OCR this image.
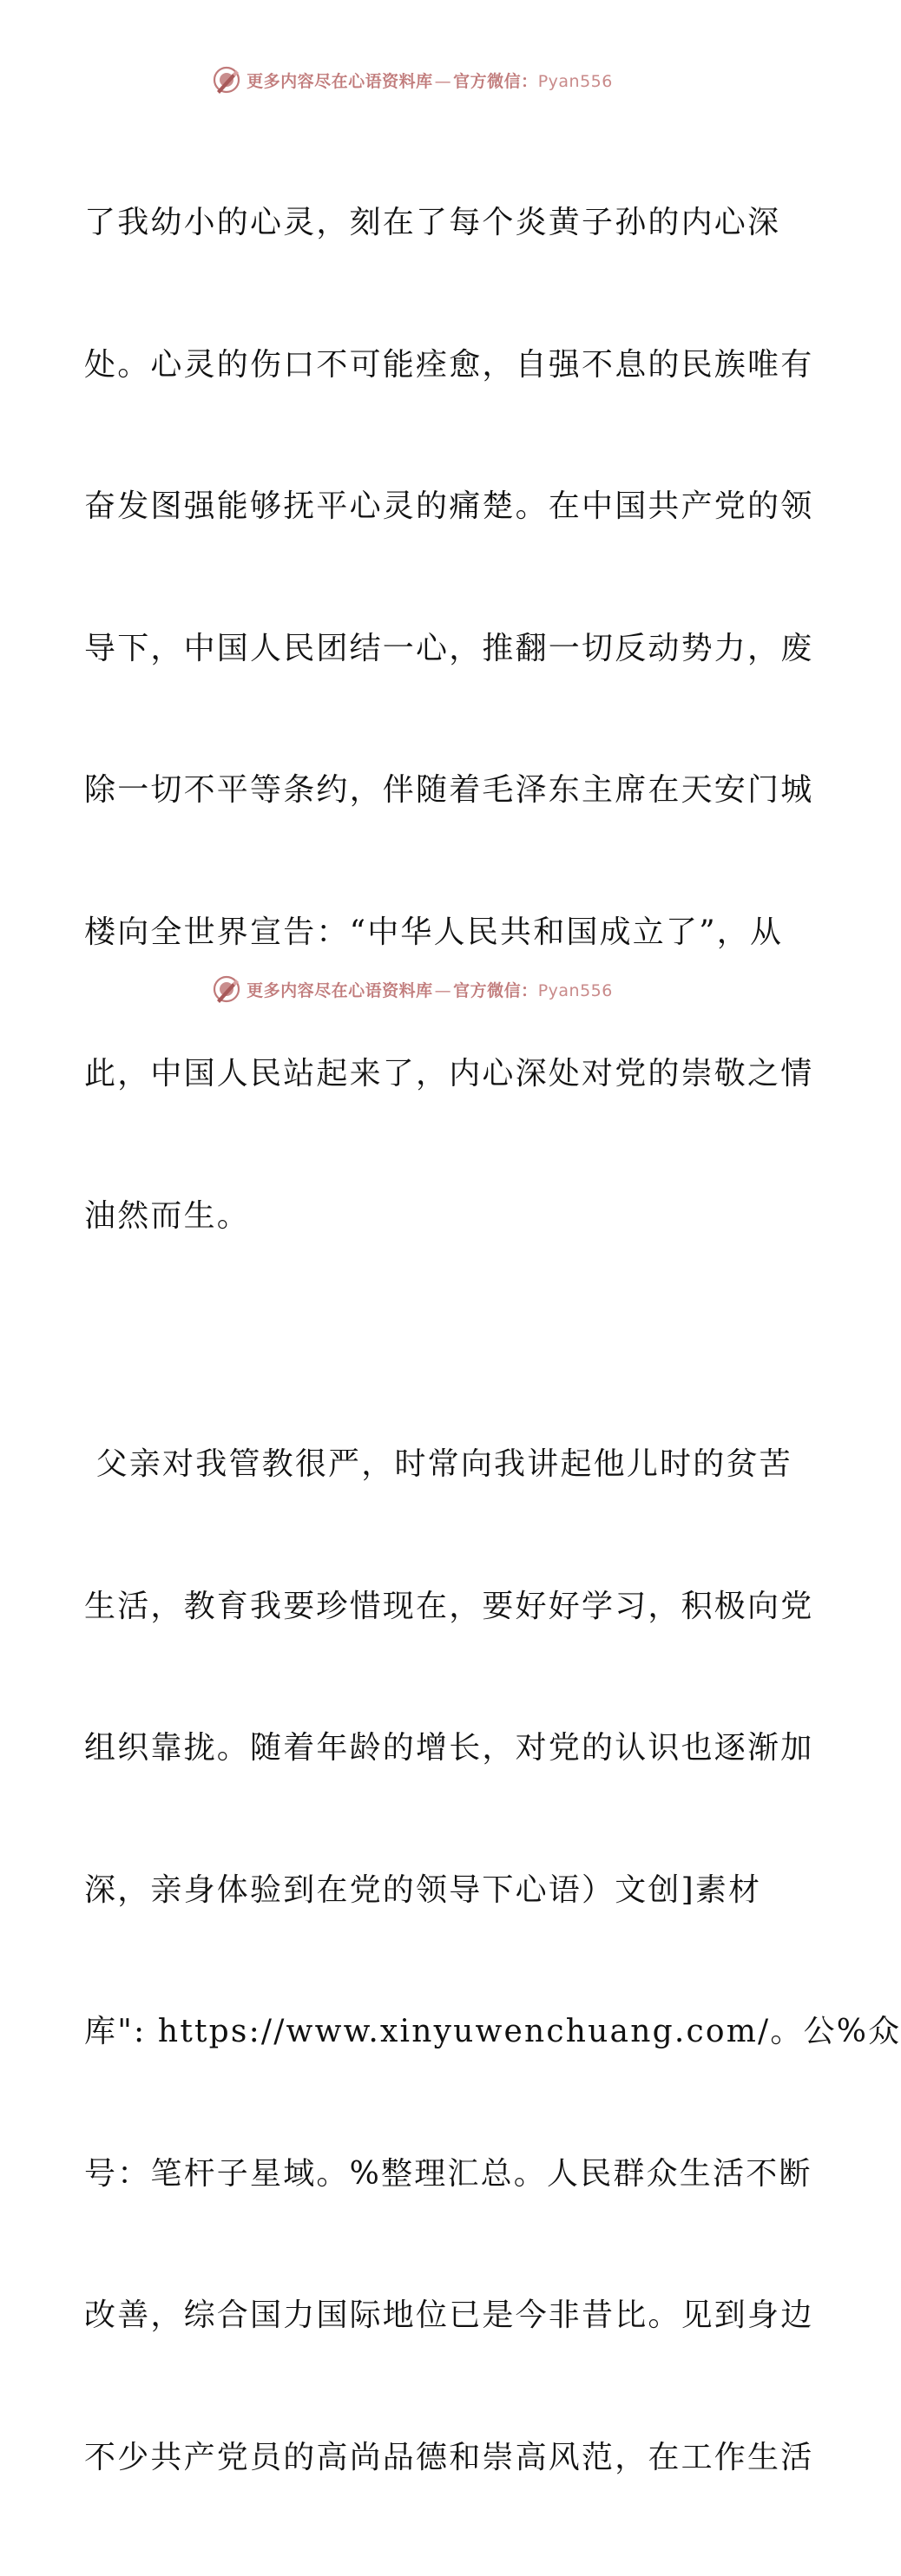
更多内容尽在心语资料库 — 官方微信：Pyan556

了我幼小的心灵，刻在了每个炎黄子孙的内心深

处。心灵的伤口不可能痊愈，自强不息的民族唯有

奋发图强能够抚平心灵的痛楚。在中国共产党的领

导下，中国人民团结一心，推翻一切反动势力，废

除一切不平等条约，伴随着毛泽东主席在天安门城

楼向全世界宣告：“中华人民共和国成立了”，从

此，中国人民站起来了，内心深处对党的崇敬之情

油然而生。

父亲对我管教很严，时常向我讲起他儿时的贫苦

生活，教育我要珍惜现在，要好好学习，积极向党

组织靠拢。随着年龄的增长，对党的认识也逐渐加

深，亲身体验到在党的领导下心语）文创]素材

库": https://www.xinyuwenchuang.com/。公%众

号：笔杆子星域。%整理汇总。人民群众生活不断

改善，综合国力国际地位已是今非昔比。见到身边

不少共产党员的高尚品德和崇高风范，在工作生活

更多内容尽在心语资料库 — 官方微信：Pyan556
